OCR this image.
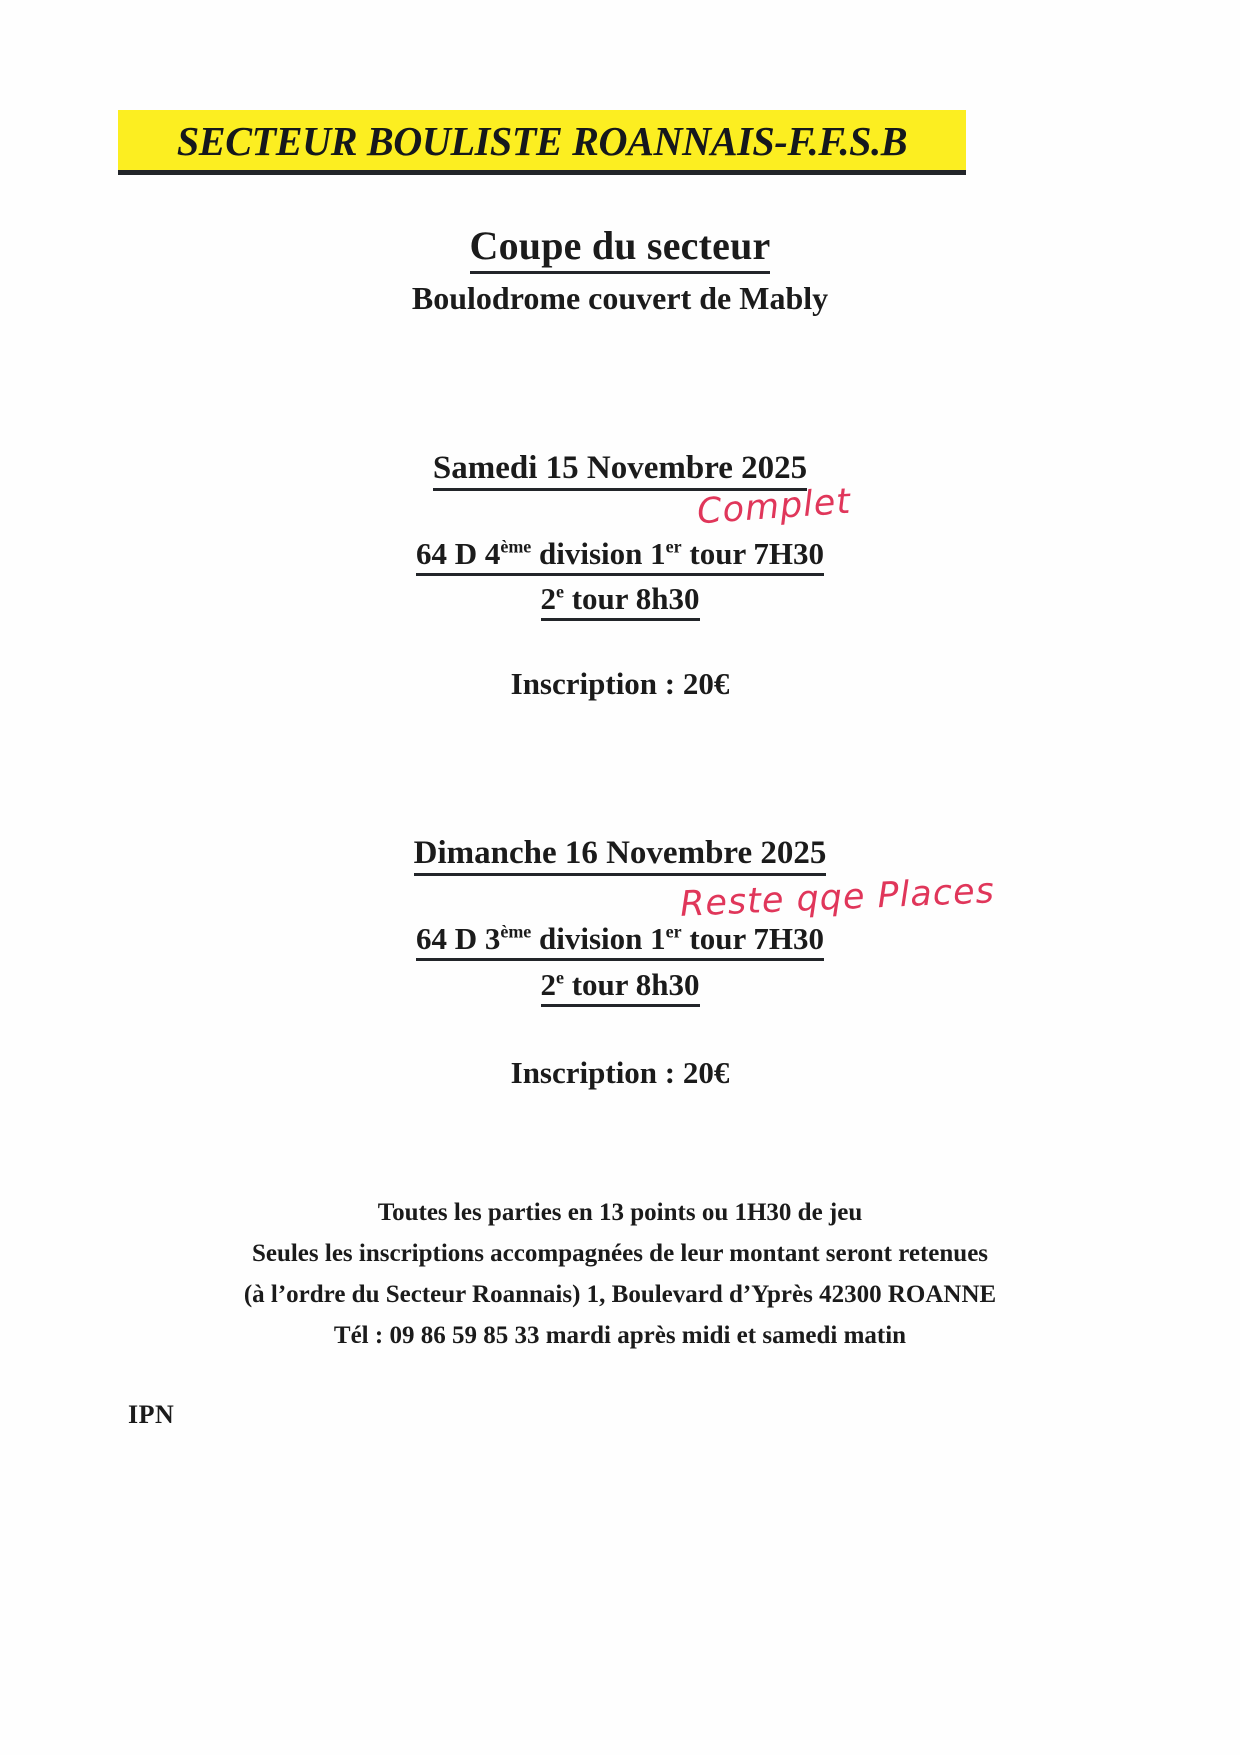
SECTEUR BOULISTE ROANNAIS-F.F.S.B
Coupe du secteur
Boulodrome couvert de Mably
Samedi 15 Novembre 2025
64 D 4ème division 1er tour 7H30
2e tour 8h30
Inscription : 20€
Complet
Dimanche 16 Novembre 2025
64 D 3ème division 1er tour 7H30
2e tour 8h30
Inscription : 20€
Reste qqe Places
Toutes les parties en 13 points ou 1H30 de jeu
Seules les inscriptions accompagnées de leur montant seront retenues
(à l’ordre du Secteur Roannais) 1, Boulevard d’Yprès 42300 ROANNE
Tél : 09 86 59 85 33 mardi après midi et samedi matin
IPN
